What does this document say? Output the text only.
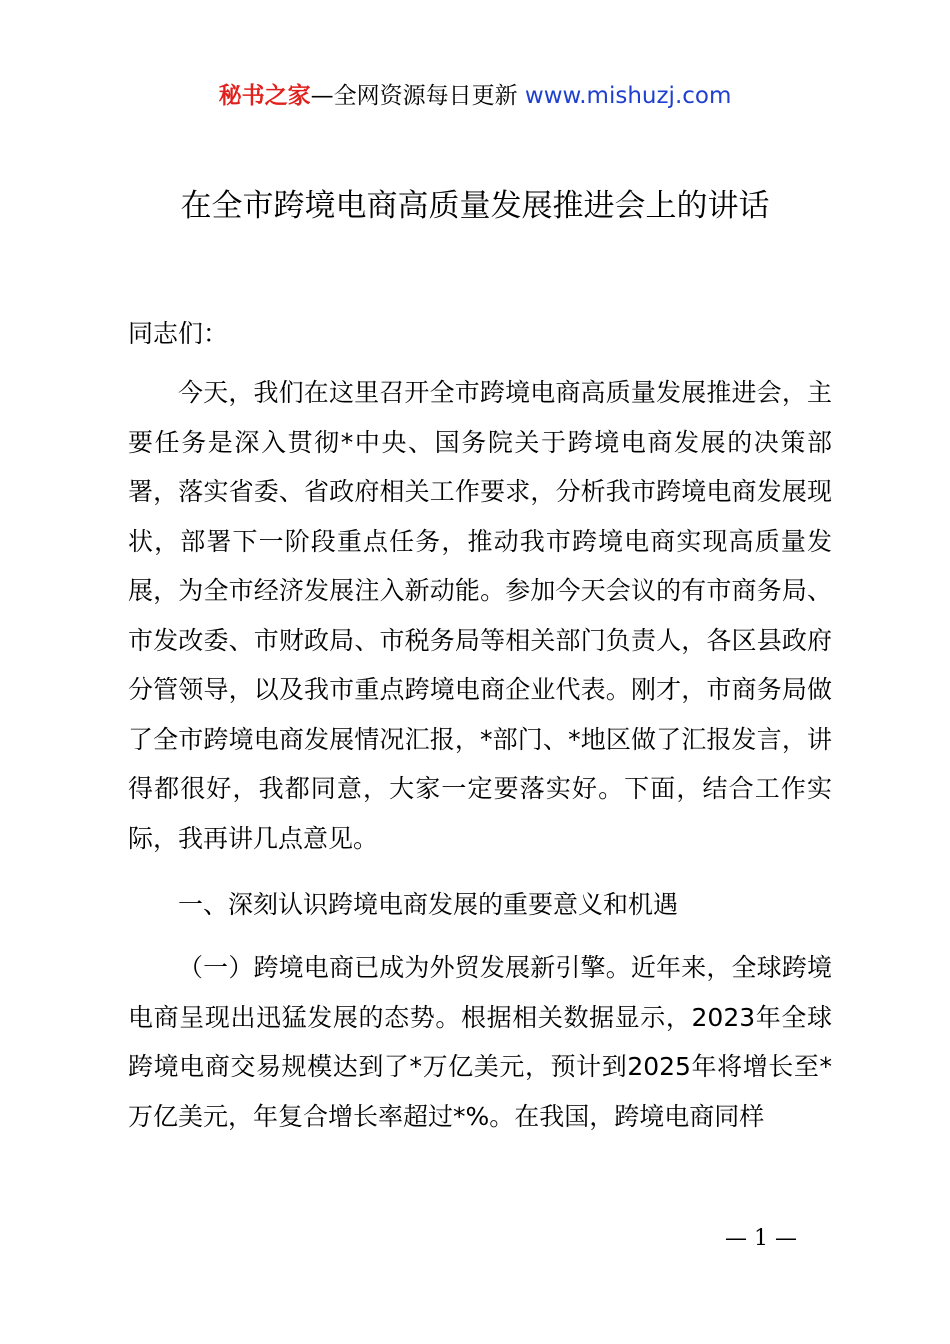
秘书之家—全网资源每日更新 www.mishuzj.com
在全市跨境电商高质量发展推进会上的讲话

同志们：

今天，我们在这里召开全市跨境电商高质量发展推进会，主要任务是深入贯彻*中央、国务院关于跨境电商发展的决策部署，落实省委、省政府相关工作要求，分析我市跨境电商发展现状，部署下一阶段重点任务，推动我市跨境电商实现高质量发展，为全市经济发展注入新动能。参加今天会议的有市商务局、市发改委、市财政局、市税务局等相关部门负责人，各区县政府分管领导，以及我市重点跨境电商企业代表。刚才，市商务局做了全市跨境电商发展情况汇报，*部门、*地区做了汇报发言，讲得都很好，我都同意，大家一定要落实好。下面，结合工作实际，我再讲几点意见。

一、深刻认识跨境电商发展的重要意义和机遇

（一）跨境电商已成为外贸发展新引擎。近年来，全球跨境电商呈现出迅猛发展的态势。根据相关数据显示，2023年全球跨境电商交易规模达到了*万亿美元，预计到2025年将增长至*万亿美元，年复合增长率超过*%。在我国，跨境电商同样

— 1 —
